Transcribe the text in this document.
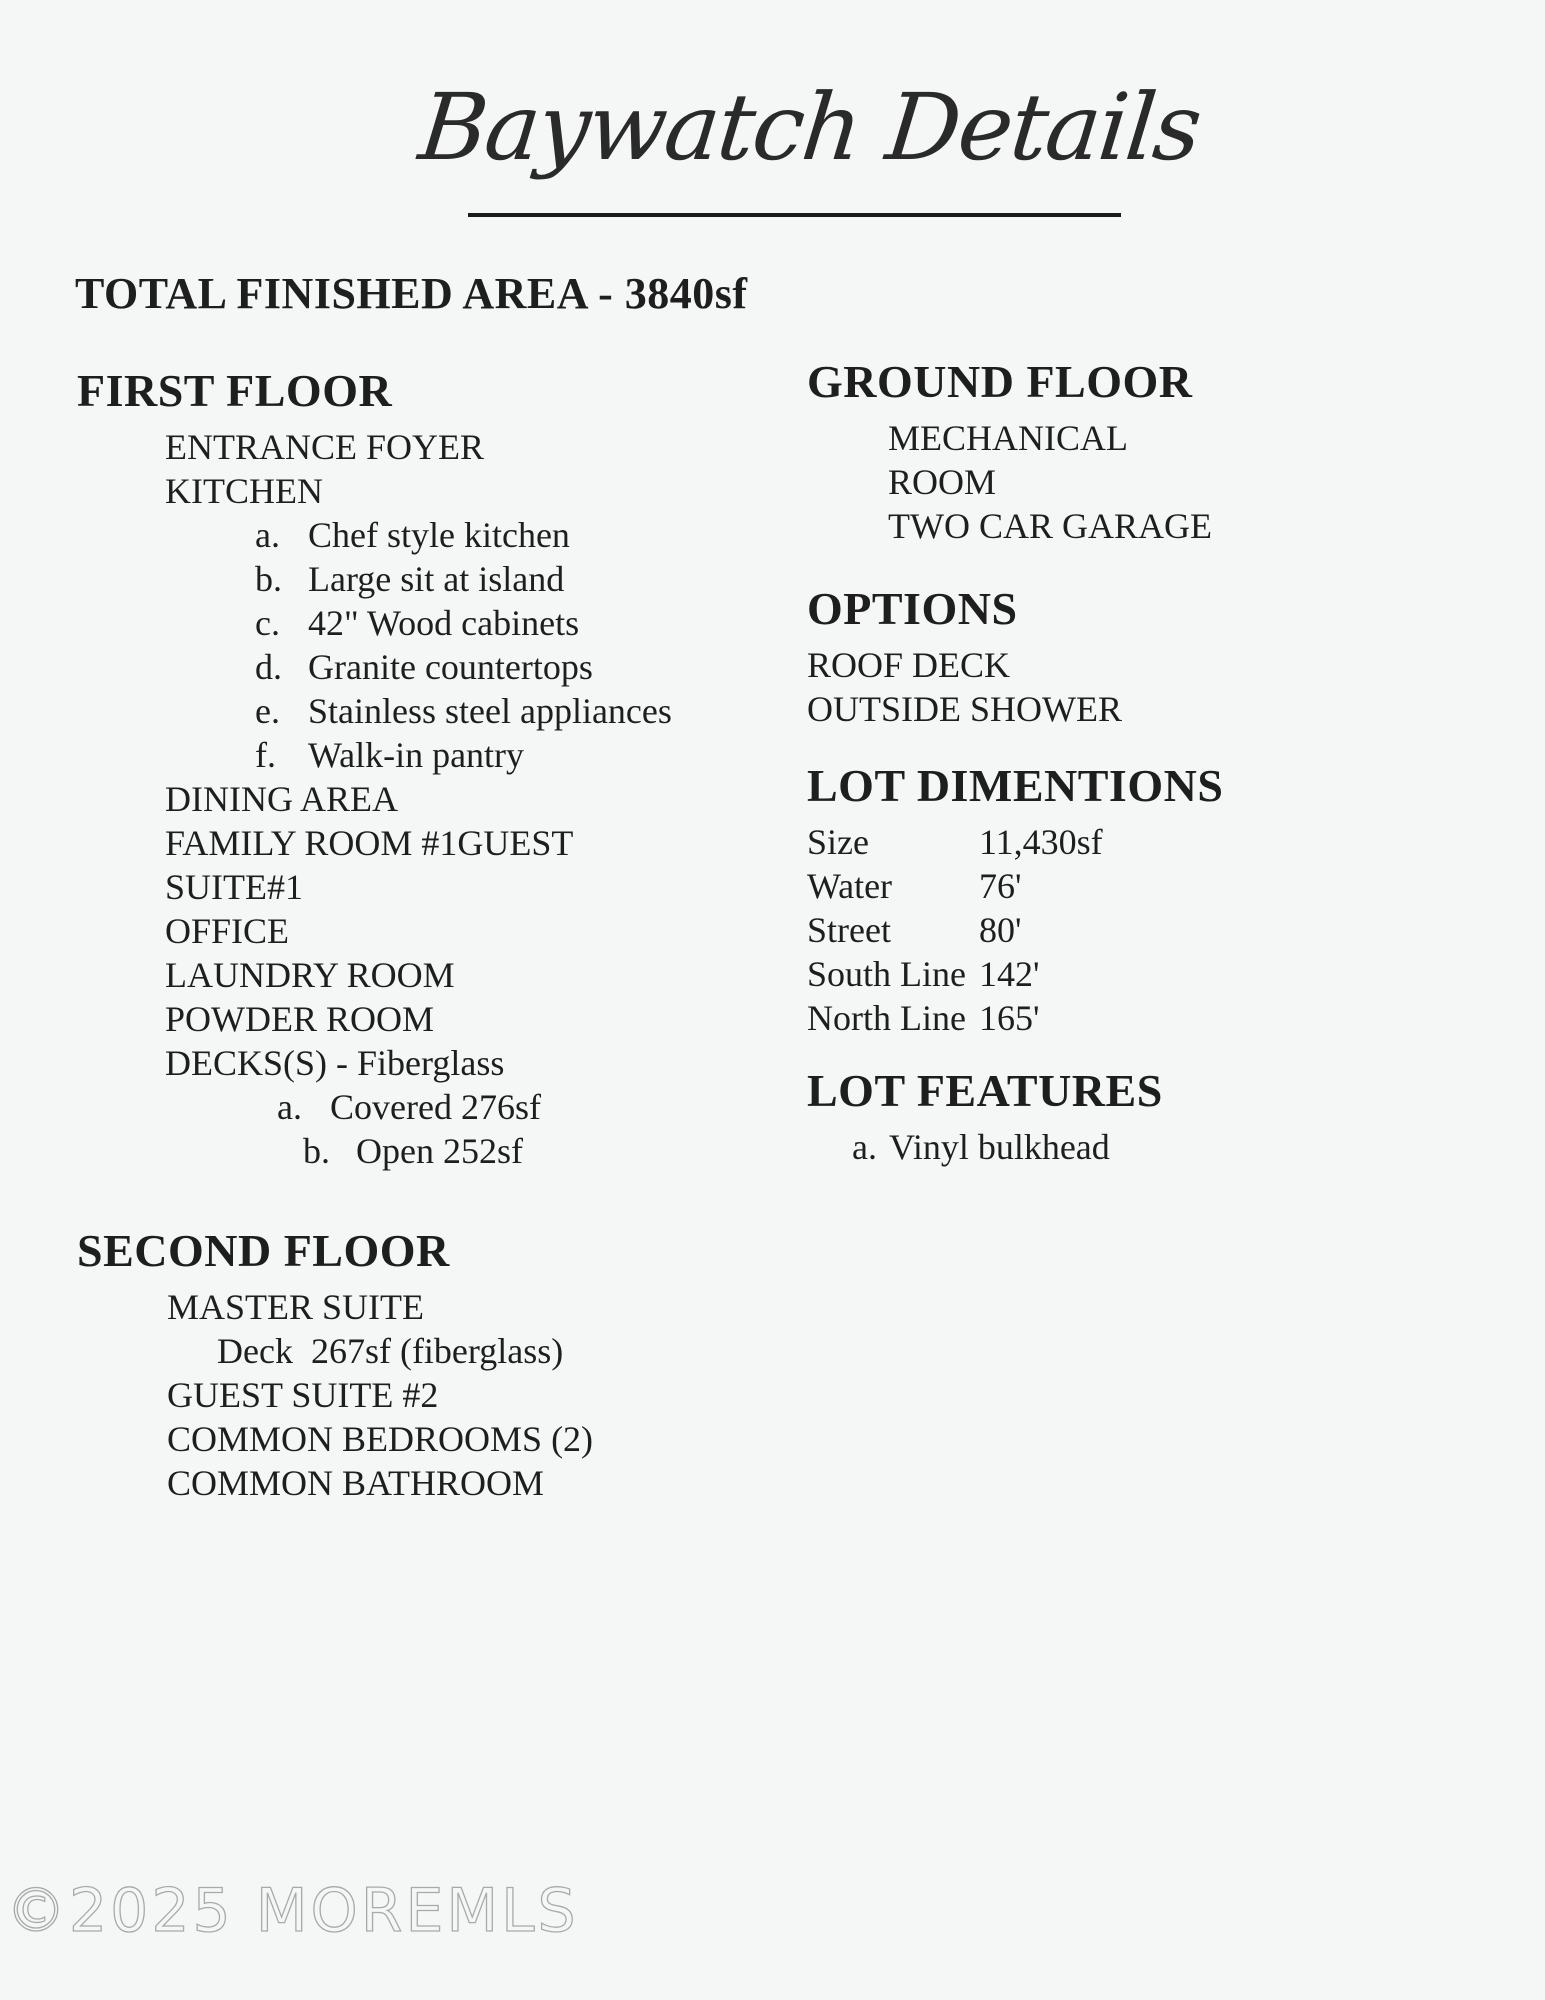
Baywatch Details
TOTAL FINISHED AREA - 3840sf
FIRST FLOOR
ENTRANCE FOYER
KITCHEN
a. Chef style kitchen
b. Large sit at island
c. 42" Wood cabinets
d. Granite countertops
e. Stainless steel appliances
f. Walk-in pantry
DINING AREA
FAMILY ROOM #1GUEST
SUITE#1
OFFICE
LAUNDRY ROOM
POWDER ROOM
DECKS(S) - Fiberglass
a. Covered 276sf
b. Open 252sf
SECOND FLOOR
MASTER SUITE
Deck  267sf (fiberglass)
GUEST SUITE #2
COMMON BEDROOMS (2)
COMMON BATHROOM
GROUND FLOOR
MECHANICAL
ROOM
TWO CAR GARAGE
OPTIONS
ROOF DECK
OUTSIDE SHOWER
LOT DIMENTIONS
Size	11,430sf
Water	76'
Street	80'
South Line 142'
North Line 165'
LOT FEATURES
a. Vinyl bulkhead
©2025 MOREMLS
